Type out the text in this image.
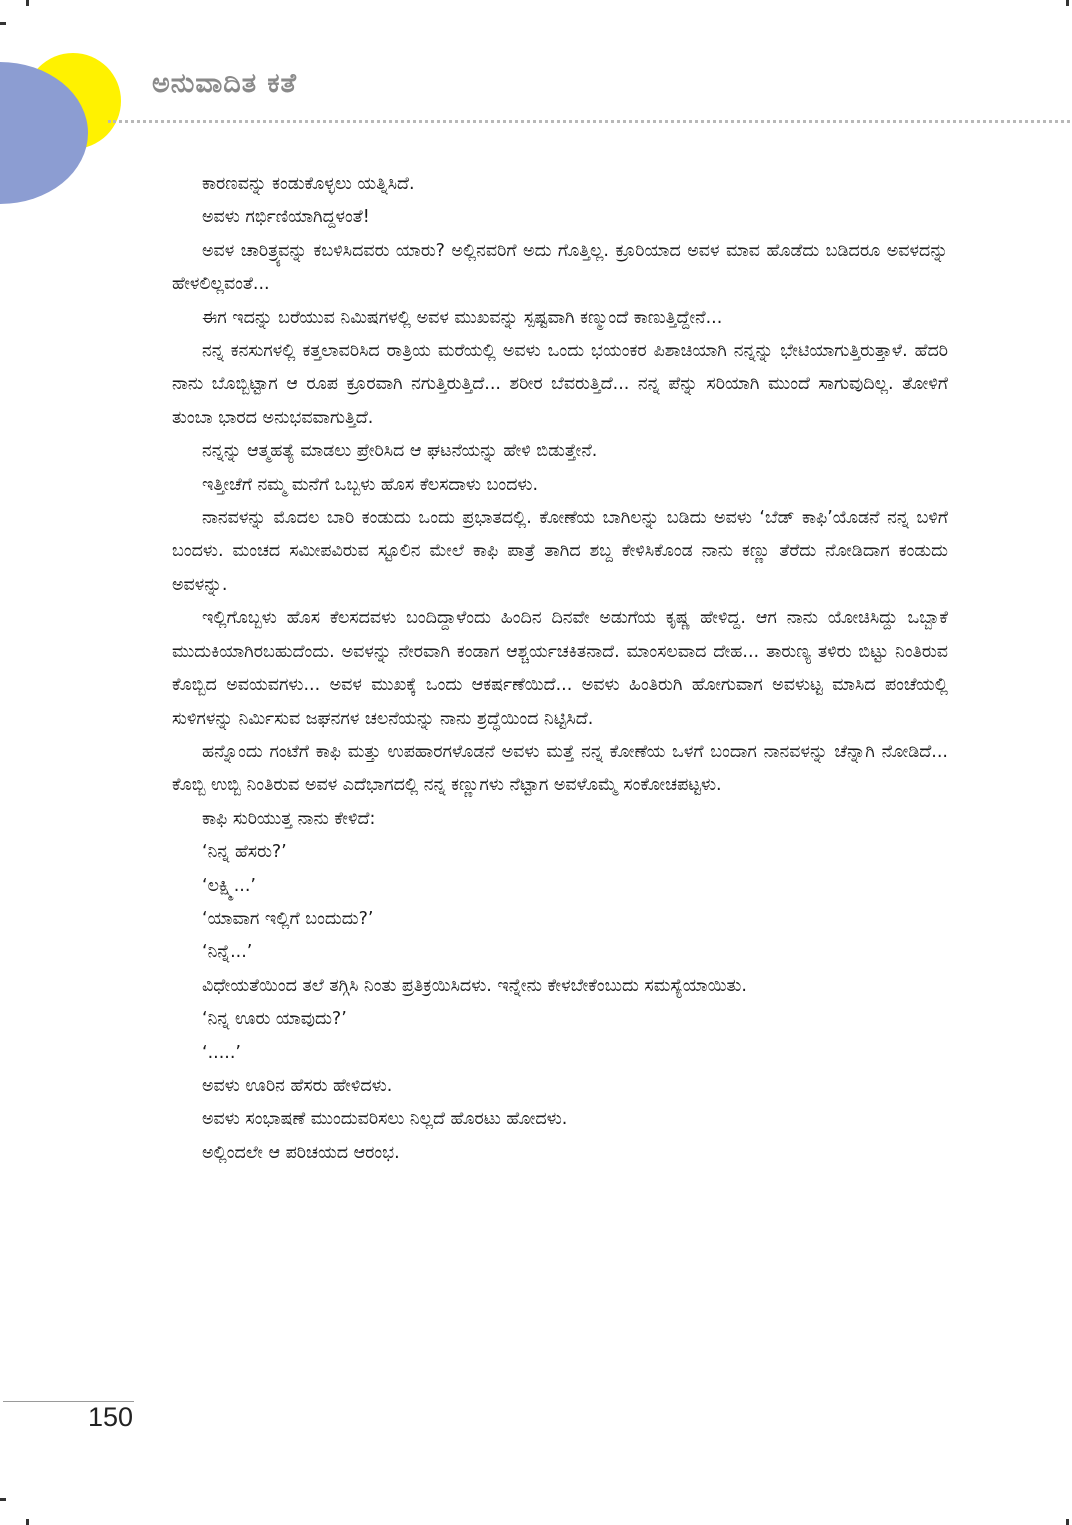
ಅನುವಾದಿತ ಕತೆ

ಕಾರಣವನ್ನು ಕಂಡುಕೊಳ್ಳಲು ಯತ್ನಿಸಿದೆ.

ಅವಳು ಗರ್ಭಿಣಿಯಾಗಿದ್ದಳಂತೆ!

ಅವಳ ಚಾರಿತ್ರ್ಯವನ್ನು ಕಬಳಿಸಿದವರು ಯಾರು? ಅಲ್ಲಿನವರಿಗೆ ಅದು ಗೊತ್ತಿಲ್ಲ. ಕ್ರೂರಿಯಾದ ಅವಳ ಮಾವ ಹೊಡೆದು ಬಡಿದರೂ ಅವಳದನ್ನು ಹೇಳಲಿಲ್ಲವಂತೆ...

ಈಗ ಇದನ್ನು ಬರೆಯುವ ನಿಮಿಷಗಳಲ್ಲಿ ಅವಳ ಮುಖವನ್ನು ಸ್ಪಷ್ಟವಾಗಿ ಕಣ್ಮುಂದೆ ಕಾಣುತ್ತಿದ್ದೇನೆ...

ನನ್ನ ಕನಸುಗಳಲ್ಲಿ ಕತ್ತಲಾವರಿಸಿದ ರಾತ್ರಿಯ ಮರೆಯಲ್ಲಿ ಅವಳು ಒಂದು ಭಯಂಕರ ಪಿಶಾಚಿಯಾಗಿ ನನ್ನನ್ನು ಭೇಟಿಯಾಗುತ್ತಿರುತ್ತಾಳೆ. ಹೆದರಿ ನಾನು ಬೊಬ್ಬಿಟ್ಟಾಗ ಆ ರೂಪ ಕ್ರೂರವಾಗಿ ನಗುತ್ತಿರುತ್ತಿದೆ... ಶರೀರ ಬೆವರುತ್ತಿದೆ... ನನ್ನ ಪೆನ್ನು ಸರಿಯಾಗಿ ಮುಂದೆ ಸಾಗುವುದಿಲ್ಲ. ತೋಳಿಗೆ ತುಂಬಾ ಭಾರದ ಅನುಭವವಾಗುತ್ತಿದೆ.

ನನ್ನನ್ನು ಆತ್ಮಹತ್ಯೆ ಮಾಡಲು ಪ್ರೇರಿಸಿದ ಆ ಘಟನೆಯನ್ನು ಹೇಳಿ ಬಿಡುತ್ತೇನೆ.

ಇತ್ತೀಚೆಗೆ ನಮ್ಮ ಮನೆಗೆ ಒಬ್ಬಳು ಹೊಸ ಕೆಲಸದಾಳು ಬಂದಳು.

ನಾನವಳನ್ನು ಮೊದಲ ಬಾರಿ ಕಂಡುದು ಒಂದು ಪ್ರಭಾತದಲ್ಲಿ. ಕೋಣೆಯ ಬಾಗಿಲನ್ನು ಬಡಿದು ಅವಳು ‘ಬೆಡ್ ಕಾಫಿ’ಯೊಡನೆ ನನ್ನ ಬಳಿಗೆ ಬಂದಳು. ಮಂಚದ ಸಮೀಪವಿರುವ ಸ್ಟೂಲಿನ ಮೇಲೆ ಕಾಫಿ ಪಾತ್ರೆ ತಾಗಿದ ಶಬ್ದ ಕೇಳಿಸಿಕೊಂಡ ನಾನು ಕಣ್ಣು ತೆರೆದು ನೋಡಿದಾಗ ಕಂಡುದು ಅವಳನ್ನು.

ಇಲ್ಲಿಗೊಬ್ಬಳು ಹೊಸ ಕೆಲಸದವಳು ಬಂದಿದ್ದಾಳೆಂದು ಹಿಂದಿನ ದಿನವೇ ಅಡುಗೆಯ ಕೃಷ್ಣ ಹೇಳಿದ್ದ. ಆಗ ನಾನು ಯೋಚಿಸಿದ್ದು ಒಬ್ಬಾಕೆ ಮುದುಕಿಯಾಗಿರಬಹುದೆಂದು. ಅವಳನ್ನು ನೇರವಾಗಿ ಕಂಡಾಗ ಆಶ್ಚರ್ಯಚಕಿತನಾದೆ. ಮಾಂಸಲವಾದ ದೇಹ... ತಾರುಣ್ಯ ತಳಿರು ಬಿಟ್ಟು ನಿಂತಿರುವ ಕೊಬ್ಬಿದ ಅವಯವಗಳು... ಅವಳ ಮುಖಕ್ಕೆ ಒಂದು ಆಕರ್ಷಣೆಯಿದೆ... ಅವಳು ಹಿಂತಿರುಗಿ ಹೋಗುವಾಗ ಅವಳುಟ್ಟ ಮಾಸಿದ ಪಂಚೆಯಲ್ಲಿ ಸುಳಿಗಳನ್ನು ನಿರ್ಮಿಸುವ ಜಘನಗಳ ಚಲನೆಯನ್ನು ನಾನು ಶ್ರದ್ಧೆಯಿಂದ ನಿಟ್ಟಿಸಿದೆ.

ಹನ್ನೊಂದು ಗಂಟೆಗೆ ಕಾಫಿ ಮತ್ತು ಉಪಹಾರಗಳೊಡನೆ ಅವಳು ಮತ್ತೆ ನನ್ನ ಕೋಣೆಯ ಒಳಗೆ ಬಂದಾಗ ನಾನವಳನ್ನು ಚೆನ್ನಾಗಿ ನೋಡಿದೆ... ಕೊಬ್ಬಿ ಉಬ್ಬಿ ನಿಂತಿರುವ ಅವಳ ಎದೆಭಾಗದಲ್ಲಿ ನನ್ನ ಕಣ್ಣುಗಳು ನೆಟ್ಟಾಗ ಅವಳೊಮ್ಮೆ ಸಂಕೋಚಪಟ್ಟಳು.

ಕಾಫಿ ಸುರಿಯುತ್ತ ನಾನು ಕೇಳಿದೆ:

‘ನಿನ್ನ ಹೆಸರು?’

‘ಲಕ್ಷ್ಮಿ...’

‘ಯಾವಾಗ ಇಲ್ಲಿಗೆ ಬಂದುದು?’

‘ನಿನ್ನೆ...’

ವಿಧೇಯತೆಯಿಂದ ತಲೆ ತಗ್ಗಿಸಿ ನಿಂತು ಪ್ರತಿಕ್ರಯಿಸಿದಳು. ಇನ್ನೇನು ಕೇಳಬೇಕೆಂಬುದು ಸಮಸ್ಯೆಯಾಯಿತು.

‘ನಿನ್ನ ಊರು ಯಾವುದು?’

‘.....’

ಅವಳು ಊರಿನ ಹೆಸರು ಹೇಳಿದಳು.

ಅವಳು ಸಂಭಾಷಣೆ ಮುಂದುವರಿಸಲು ನಿಲ್ಲದೆ ಹೊರಟು ಹೋದಳು.

ಅಲ್ಲಿಂದಲೇ ಆ ಪರಿಚಯದ ಆರಂಭ.

150
